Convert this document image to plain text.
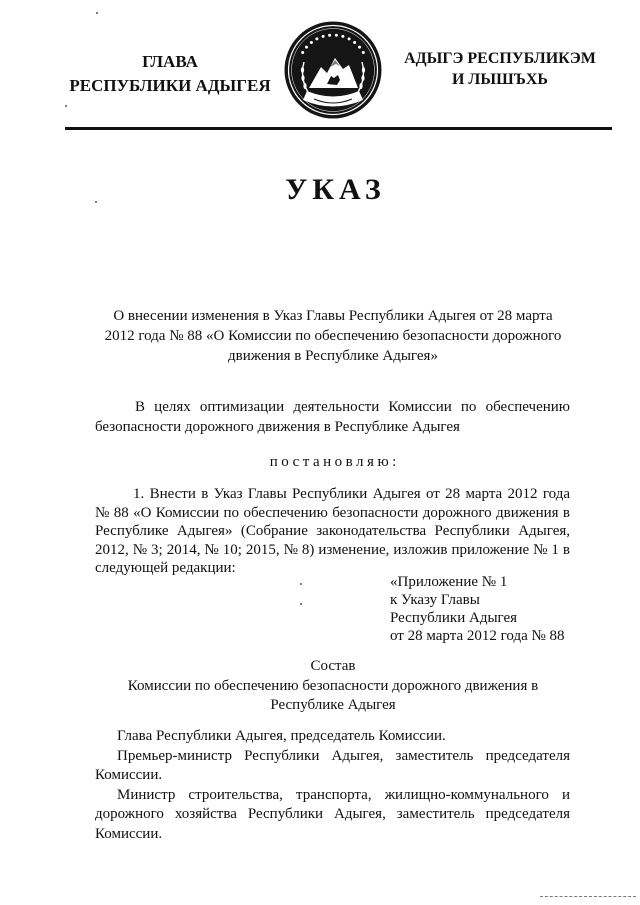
ГЛАВА
РЕСПУБЛИКИ АДЫГЕЯ
АДЫГЭ РЕСПУБЛИКЭМ
И ЛЫШЪХЬ
УКАЗ
О внесении изменения в Указ Главы Республики Адыгея от 28 марта
2012 года № 88 «О Комиссии по обеспечению безопасности дорожного
движения в Республике Адыгея»
В целях оптимизации деятельности Комиссии по обеспечению
безопасности дорожного движения в Республике Адыгея
постановляю:
1. Внести в Указ Главы Республики Адыгея от 28 марта 2012 года
№ 88 «О Комиссии по обеспечению безопасности дорожного движения в
Республике Адыгея» (Собрание законодательства Республики Адыгея,
2012, № 3; 2014, № 10; 2015, № 8) изменение, изложив приложение № 1 в
следующей редакции:
«Приложение № 1
к Указу Главы
Республики Адыгея
от 28 марта 2012 года № 88
Состав
Комиссии по обеспечению безопасности дорожного движения в
Республике Адыгея
Глава Республики Адыгея, председатель Комиссии.
Премьер-министр Республики Адыгея, заместитель председателя
Комиссии.
Министр строительства, транспорта, жилищно-коммунального и
дорожного хозяйства Республики Адыгея, заместитель председателя
Комиссии.
